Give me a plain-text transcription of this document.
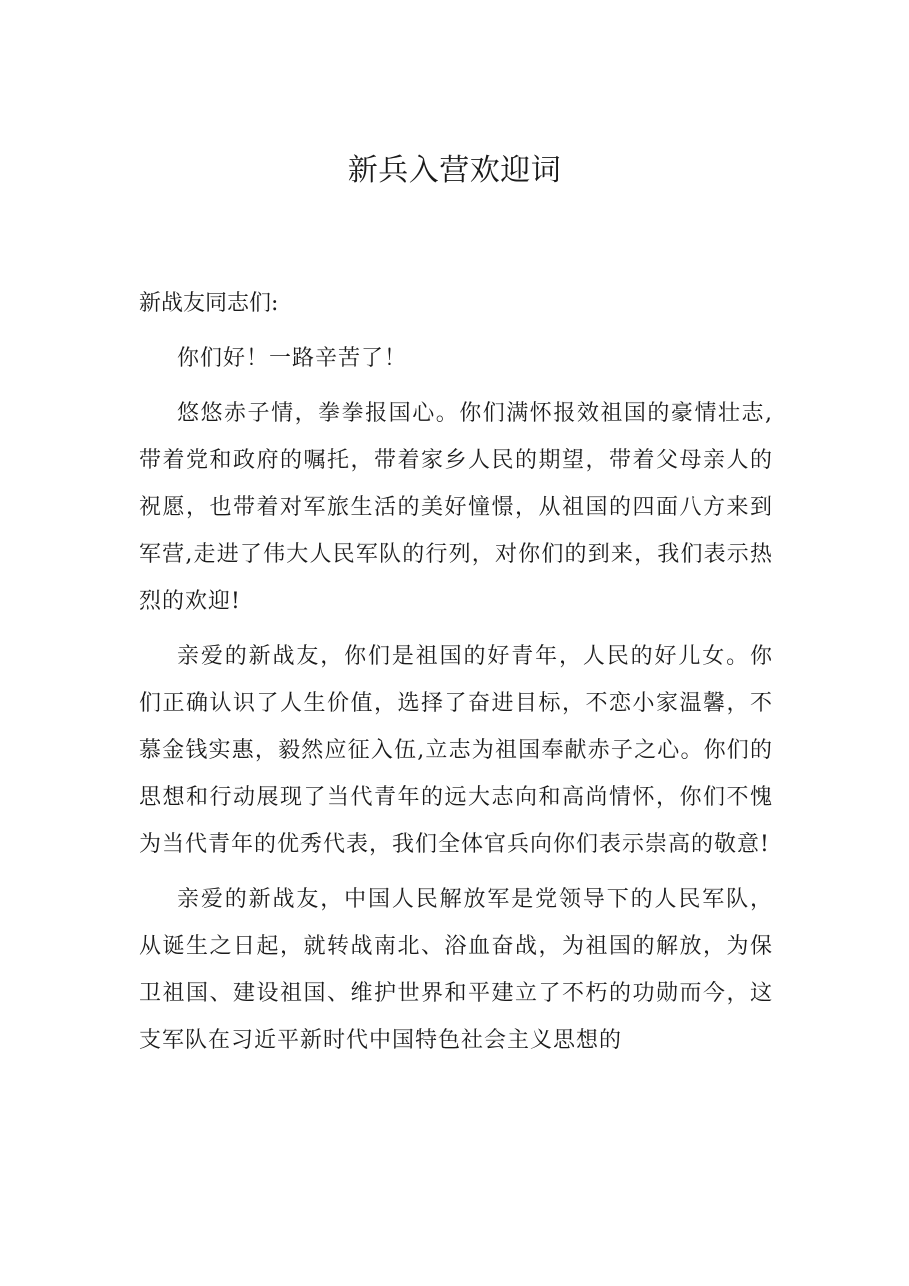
新兵入营欢迎词

新战友同志们:

你们好！一路辛苦了！

悠悠赤子情，拳拳报国心。你们满怀报效祖国的豪情壮志,带着党和政府的嘱托，带着家乡人民的期望，带着父母亲人的祝愿，也带着对军旅生活的美好憧憬，从祖国的四面八方来到军营,走进了伟大人民军队的行列，对你们的到来，我们表示热烈的欢迎!

亲爱的新战友，你们是祖国的好青年，人民的好儿女。你们正确认识了人生价值，选择了奋进目标，不恋小家温馨，不慕金钱实惠，毅然应征入伍,立志为祖国奉献赤子之心。你们的思想和行动展现了当代青年的远大志向和高尚情怀，你们不愧为当代青年的优秀代表，我们全体官兵向你们表示崇高的敬意!

亲爱的新战友，中国人民解放军是党领导下的人民军队，从诞生之日起，就转战南北、浴血奋战，为祖国的解放，为保卫祖国、建设祖国、维护世界和平建立了不朽的功勋而今，这支军队在习近平新时代中国特色社会主义思想的
